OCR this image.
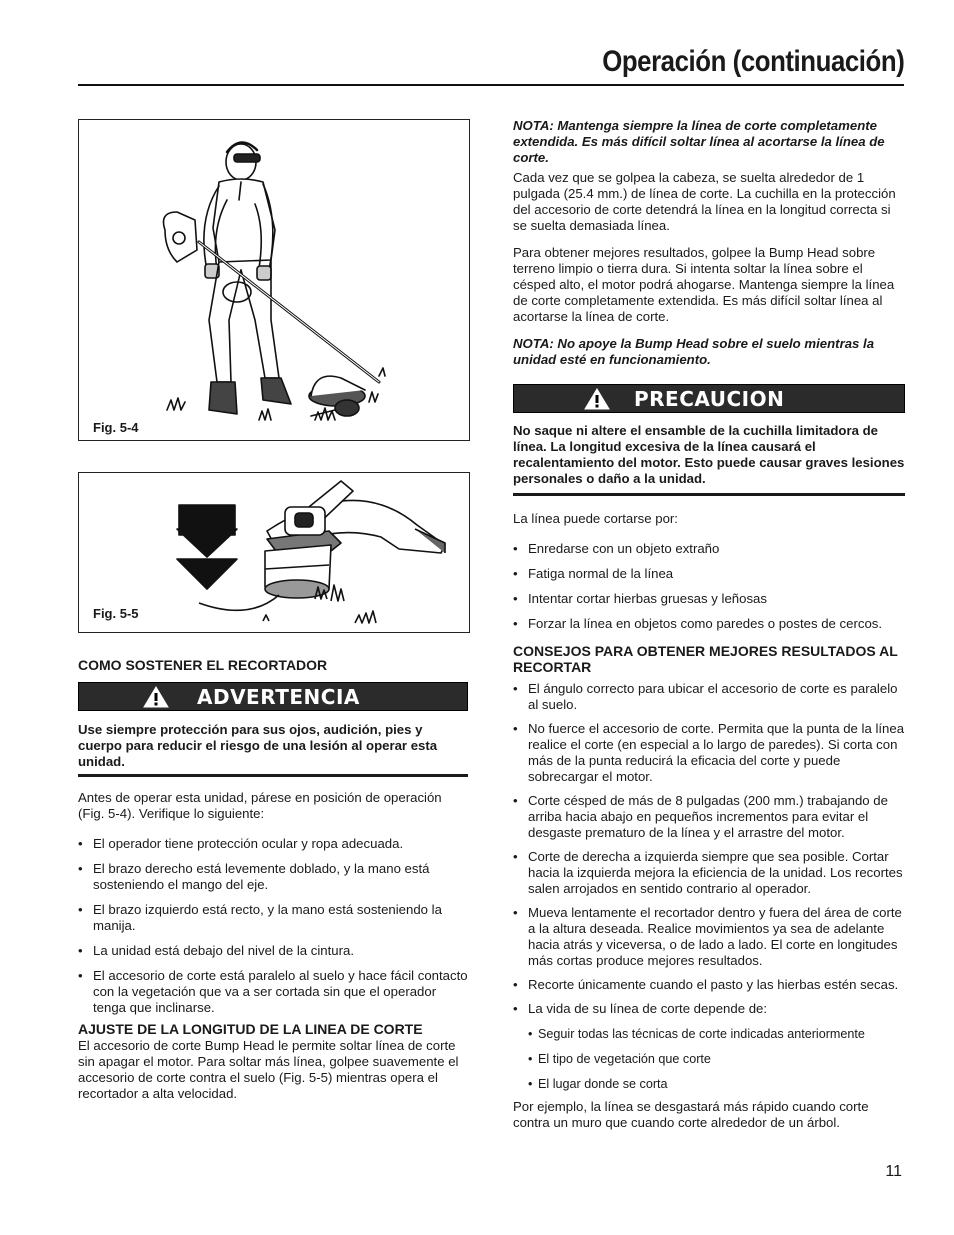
Operación (continuación)
Fig. 5-4
Fig. 5-5

COMO SOSTENER EL RECORTADOR

ADVERTENCIA

Use siempre protección para sus ojos, audición, pies y cuerpo para reducir el riesgo de una lesión al operar esta unidad.

Antes de operar esta unidad, párese en posición de operación (Fig. 5-4). Verifique lo siguiente:

• El operador tiene protección ocular y ropa adecuada.
• El brazo derecho está levemente doblado, y la mano está sosteniendo el mango del eje.
• El brazo izquierdo está recto, y la mano está sosteniendo la manija.
• La unidad está debajo del nivel de la cintura.
• El accesorio de corte está paralelo al suelo y hace fácil contacto con la vegetación que va a ser cortada sin que el operador tenga que inclinarse.

AJUSTE DE LA LONGITUD DE LA LINEA DE CORTE

El accesorio de corte Bump Head le permite soltar línea de corte sin apagar el motor. Para soltar más línea, golpee suavemente el accesorio de corte contra el suelo (Fig. 5-5) mientras opera el recortador a alta velocidad.

NOTA: Mantenga siempre la línea de corte completamente extendida. Es más difícil soltar línea al acortarse la línea de corte.

Cada vez que se golpea la cabeza, se suelta alrededor de 1 pulgada (25.4 mm.) de línea de corte. La cuchilla en la protección del accesorio de corte detendrá la línea en la longitud correcta si se suelta demasiada línea.

Para obtener mejores resultados, golpee la Bump Head sobre terreno limpio o tierra dura. Si intenta soltar la línea sobre el césped alto, el motor podrá ahogarse. Mantenga siempre la línea de corte completamente extendida. Es más difícil soltar línea al acortarse la línea de corte.

NOTA: No apoye la Bump Head sobre el suelo mientras la unidad esté en funcionamiento.

PRECAUCION

No saque ni altere el ensamble de la cuchilla limitadora de línea. La longitud excesiva de la línea causará el recalentamiento del motor. Esto puede causar graves lesiones personales o daño a la unidad.

La línea puede cortarse por:

• Enredarse con un objeto extraño
• Fatiga normal de la línea
• Intentar cortar hierbas gruesas y leñosas
• Forzar la línea en objetos como paredes o postes de cercos.

CONSEJOS PARA OBTENER MEJORES RESULTADOS AL RECORTAR

• El ángulo correcto para ubicar el accesorio de corte es paralelo al suelo.
• No fuerce el accesorio de corte. Permita que la punta de la línea realice el corte (en especial a lo largo de paredes). Si corta con más de la punta reducirá la eficacia del corte y puede sobrecargar el motor.
• Corte césped de más de 8 pulgadas (200 mm.) trabajando de arriba hacia abajo en pequeños incrementos para evitar el desgaste prematuro de la línea y el arrastre del motor.
• Corte de derecha a izquierda siempre que sea posible. Cortar hacia la izquierda mejora la eficiencia de la unidad. Los recortes salen arrojados en sentido contrario al operador.
• Mueva lentamente el recortador dentro y fuera del área de corte a la altura deseada. Realice movimientos ya sea de adelante hacia atrás y viceversa, o de lado a lado. El corte en longitudes más cortas produce mejores resultados.
• Recorte únicamente cuando el pasto y las hierbas estén secas.
• La vida de su línea de corte depende de:
• Seguir todas las técnicas de corte indicadas anteriormente
• El tipo de vegetación que corte
• El lugar donde se corta

Por ejemplo, la línea se desgastará más rápido cuando corte contra un muro que cuando corte alrededor de un árbol.

11
